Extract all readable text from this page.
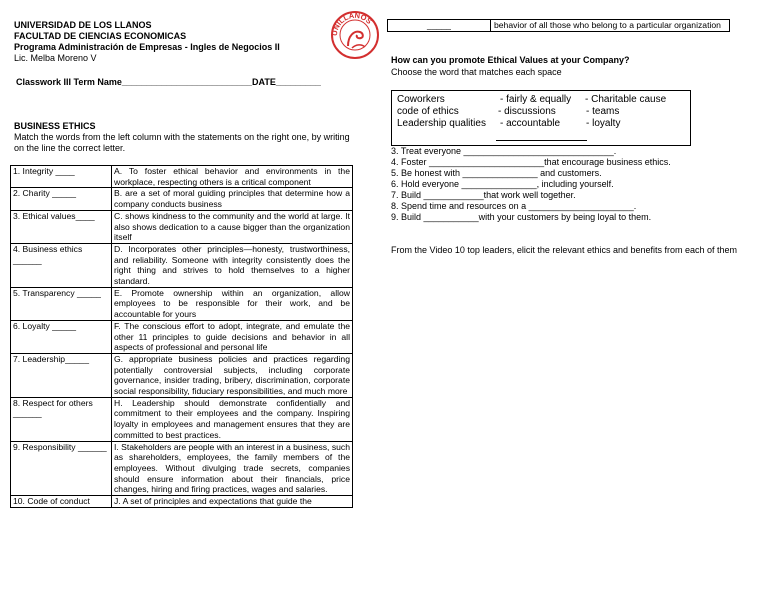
UNIVERSIDAD DE LOS LLANOS
FACULTAD DE CIENCIAS ECONOMICAS
Programa Administración de Empresas - Ingles de Negocios II
Lic. Melba Moreno V
UNILLANOS
Classwork III Term Name__________________________DATE_________
BUSINESS ETHICS
Match the words from the left column with the statements on the right one, by writing on the line the correct letter.
1. Integrity ____	A. To foster ethical behavior and environments in the workplace, respecting others is a critical component
2. Charity _____	B. are a set of moral guiding principles that determine how a company conducts business
3. Ethical values____	C. shows kindness to the community and the world at large. It also shows dedication to a cause bigger than the organization itself
4. Business ethics ______	D. Incorporates other principles—honesty, trustworthiness, and reliability. Someone with integrity consistently does the right thing and strives to hold themselves to a higher standard.
5. Transparency _____	E. Promote ownership within an organization, allow employees to be responsible for their work, and be accountable for yours
6. Loyalty _____	F. The conscious effort to adopt, integrate, and emulate the other 11 principles to guide decisions and behavior in all aspects of professional and personal life
7. Leadership_____	G. appropriate business policies and practices regarding potentially controversial subjects, including corporate governance, insider trading, bribery, discrimination, corporate social responsibility, fiduciary responsibilities, and much more
8. Respect for others ______	H. Leadership should demonstrate confidentially and commitment to their employees and the company. Inspiring loyalty in employees and management ensures that they are committed to best practices.
9. Responsibility ______	I. Stakeholders are people with an interest in a business, such as shareholders, employees, the family members of the employees. Without divulging trade secrets, companies should ensure information about their financials, price changes, hiring and firing practices, wages and salaries.
10. Code of conduct	J. A set of principles and expectations that guide the
_____	behavior of all those who belong to a particular organization
How can you promote Ethical Values at your Company?
Choose the word that matches each space
Coworkers	- fairly & equally - Charitable cause
code of ethics	- discussions	- teams
Leadership qualities - accountable	- loyalty
3. Treat everyone ______________________________.
4. Foster _______________________that encourage business ethics.
5. Be honest with _______________ and customers.
6. Hold everyone _______________, including yourself.
7. Build ____________that work well together.
8. Spend time and resources on a _____________________.
9. Build ___________with your customers by being loyal to them.
From the Video 10 top leaders, elicit the relevant ethics and benefits from each of them
